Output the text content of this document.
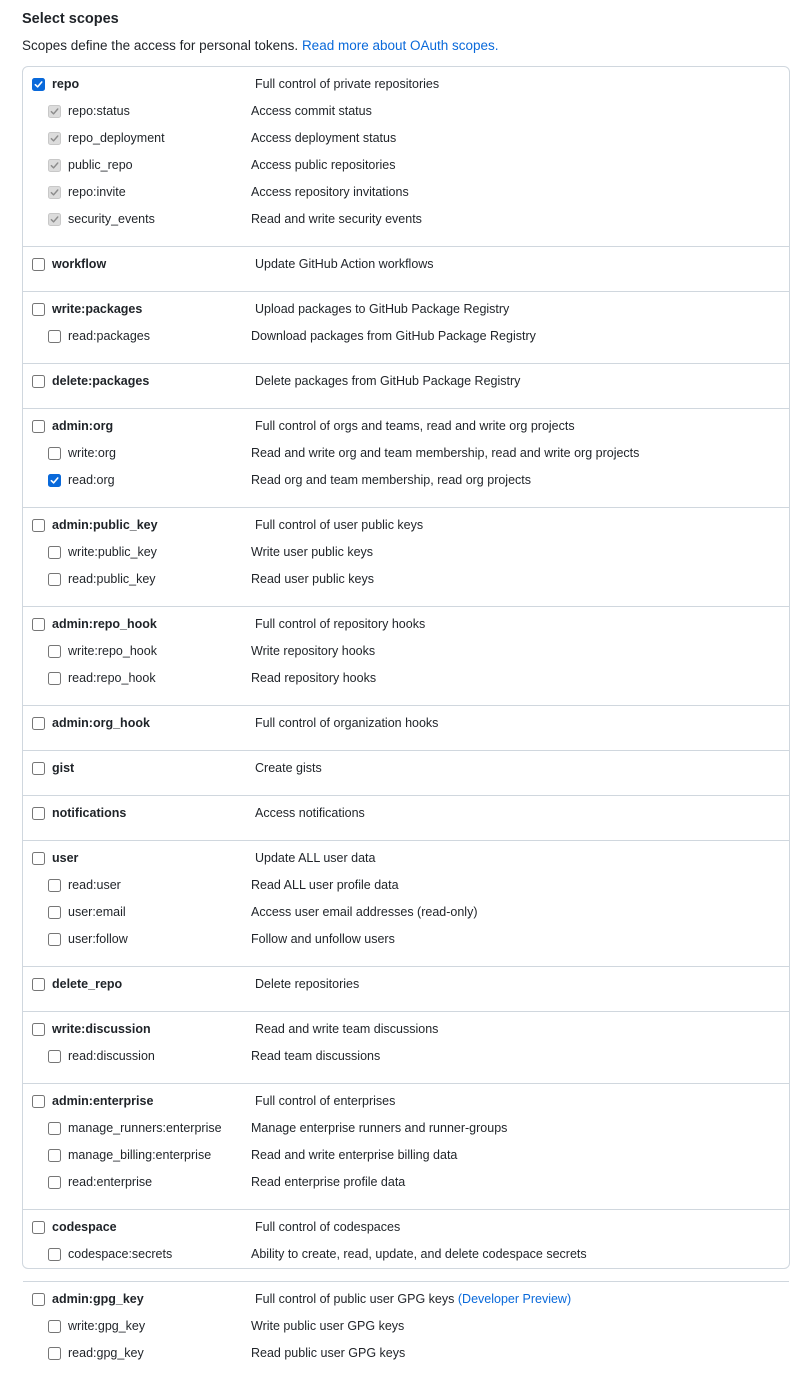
Select scopes
Scopes define the access for personal tokens. Read more about OAuth scopes.
repo	Full control of private repositories
repo:status	Access commit status
repo_deployment	Access deployment status
public_repo	Access public repositories
repo:invite	Access repository invitations
security_events	Read and write security events
workflow	Update GitHub Action workflows
write:packages	Upload packages to GitHub Package Registry
read:packages	Download packages from GitHub Package Registry
delete:packages	Delete packages from GitHub Package Registry
admin:org	Full control of orgs and teams, read and write org projects
write:org	Read and write org and team membership, read and write org projects
read:org	Read org and team membership, read org projects
admin:public_key	Full control of user public keys
write:public_key	Write user public keys
read:public_key	Read user public keys
admin:repo_hook	Full control of repository hooks
write:repo_hook	Write repository hooks
read:repo_hook	Read repository hooks
admin:org_hook	Full control of organization hooks
gist	Create gists
notifications	Access notifications
user	Update ALL user data
read:user	Read ALL user profile data
user:email	Access user email addresses (read-only)
user:follow	Follow and unfollow users
delete_repo	Delete repositories
write:discussion	Read and write team discussions
read:discussion	Read team discussions
admin:enterprise	Full control of enterprises
manage_runners:enterprise Manage enterprise runners and runner-groups
manage_billing:enterprise	Read and write enterprise billing data
read:enterprise	Read enterprise profile data
codespace	Full control of codespaces
codespace:secrets	Ability to create, read, update, and delete codespace secrets
admin:gpg_key	Full control of public user GPG keys (Developer Preview)
write:gpg_key	Write public user GPG keys
read:gpg_key	Read public user GPG keys
